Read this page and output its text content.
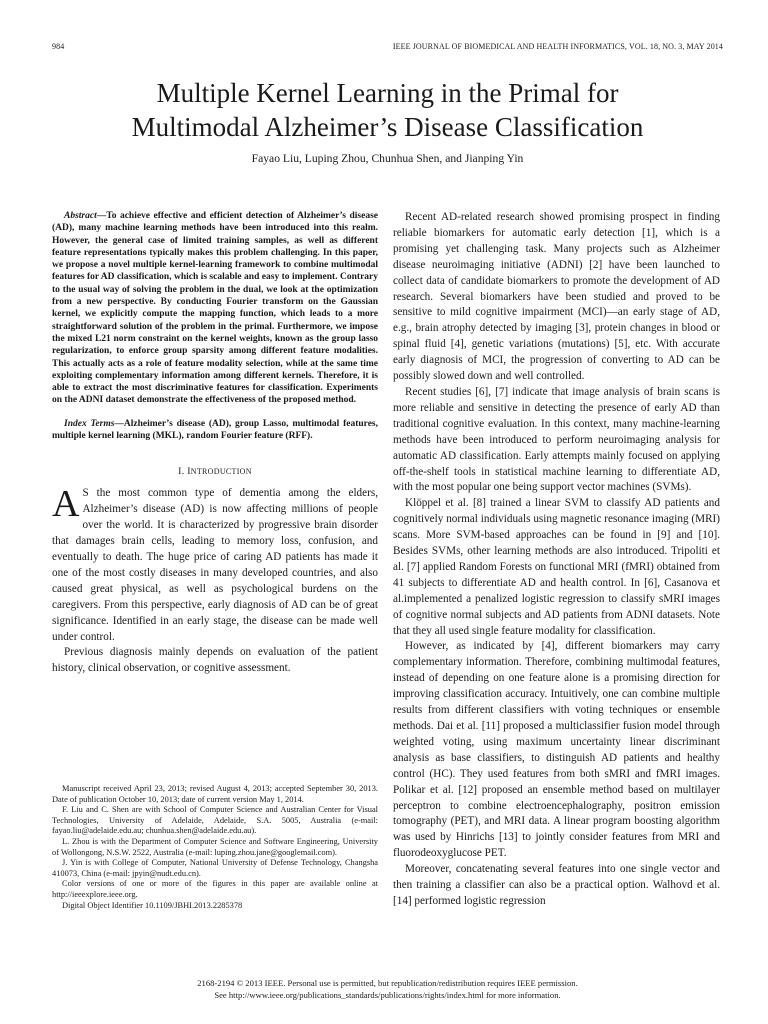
984	IEEE JOURNAL OF BIOMEDICAL AND HEALTH INFORMATICS, VOL. 18, NO. 3, MAY 2014
Multiple Kernel Learning in the Primal for
Multimodal Alzheimer’s Disease Classification
Fayao Liu, Luping Zhou, Chunhua Shen, and Jianping Yin

Abstract—To achieve effective and efficient detection of Alzheimer’s disease (AD), many machine learning methods have been introduced into this realm. However, the general case of limited training samples, as well as different feature representations typically makes this problem challenging. In this paper, we propose a novel multiple kernel-learning framework to combine multimodal features for AD classification, which is scalable and easy to implement. Contrary to the usual way of solving the problem in the dual, we look at the optimization from a new perspective. By conducting Fourier transform on the Gaussian kernel, we explicitly compute the mapping function, which leads to a more straightforward solution of the problem in the primal. Furthermore, we impose the mixed L21 norm constraint on the kernel weights, known as the group lasso regularization, to enforce group sparsity among different feature modalities. This actually acts as a role of feature modality selection, while at the same time exploiting complementary information among different kernels. Therefore, it is able to extract the most discriminative features for classification. Experiments on the ADNI dataset demonstrate the effectiveness of the proposed method.

Index Terms—Alzheimer’s disease (AD), group Lasso, multimodal features, multiple kernel learning (MKL), random Fourier feature (RFF).

I. INTRODUCTION

A S the most common type of dementia among the elders, Alzheimer’s disease (AD) is now affecting millions of people over the world. It is characterized by progressive brain disorder that damages brain cells, leading to memory loss, confusion, and eventually to death. The huge price of caring AD patients has made it one of the most costly diseases in many developed countries, and also caused great physical, as well as psychological burdens on the caregivers. From this perspective, early diagnosis of AD can be of great significance. Identified in an early stage, the disease can be made well under control.

Previous diagnosis mainly depends on evaluation of the patient history, clinical observation, or cognitive assessment.

Manuscript received April 23, 2013; revised August 4, 2013; accepted September 30, 2013. Date of publication October 10, 2013; date of current version May 1, 2014.

F. Liu and C. Shen are with School of Computer Science and Australian Center for Visual Technologies, University of Adelaide, Adelaide, S.A. 5005, Australia (e-mail: fayao.liu@adelaide.edu.au; chunhua.shen@adelaide.edu.au).

L. Zhou is with the Department of Computer Science and Software Engineering, University of Wollongong, N.S.W. 2522, Australia (e-mail: luping.zhou.jane@googlemail.com).

J. Yin is with College of Computer, National University of Defense Technology, Changsha 410073, China (e-mail: jpyin@nudt.edu.cn).

Color versions of one or more of the figures in this paper are available online at http://ieeexplore.ieee.org.

Digital Object Identifier 10.1109/JBHI.2013.2285378

Recent AD-related research showed promising prospect in finding reliable biomarkers for automatic early detection [1], which is a promising yet challenging task. Many projects such as Alzheimer disease neuroimaging initiative (ADNI) [2] have been launched to collect data of candidate biomarkers to promote the development of AD research. Several biomarkers have been studied and proved to be sensitive to mild cognitive impairment (MCI)—an early stage of AD, e.g., brain atrophy detected by imaging [3], protein changes in blood or spinal fluid [4], genetic variations (mutations) [5], etc. With accurate early diagnosis of MCI, the progression of converting to AD can be possibly slowed down and well controlled.

Recent studies [6], [7] indicate that image analysis of brain scans is more reliable and sensitive in detecting the presence of early AD than traditional cognitive evaluation. In this context, many machine-learning methods have been introduced to perform neuroimaging analysis for automatic AD classification. Early attempts mainly focused on applying off-the-shelf tools in statistical machine learning to differentiate AD, with the most popular one being support vector machines (SVMs).

Klöppel et al. [8] trained a linear SVM to classify AD patients and cognitively normal individuals using magnetic resonance imaging (MRI) scans. More SVM-based approaches can be found in [9] and [10]. Besides SVMs, other learning methods are also introduced. Tripoliti et al. [7] applied Random Forests on functional MRI (fMRI) obtained from 41 subjects to differentiate AD and health control. In [6], Casanova et al.implemented a penalized logistic regression to classify sMRI images of cognitive normal subjects and AD patients from ADNI datasets. Note that they all used single feature modality for classification.

However, as indicated by [4], different biomarkers may carry complementary information. Therefore, combining multimodal features, instead of depending on one feature alone is a promising direction for improving classification accuracy. Intuitively, one can combine multiple results from different classifiers with voting techniques or ensemble methods. Dai et al. [11] proposed a multiclassifier fusion model through weighted voting, using maximum uncertainty linear discriminant analysis as base classifiers, to distinguish AD patients and healthy control (HC). They used features from both sMRI and fMRI images. Polikar et al. [12] proposed an ensemble method based on multilayer perceptron to combine electroencephalography, positron emission tomography (PET), and MRI data. A linear program boosting algorithm was used by Hinrichs [13] to jointly consider features from MRI and fluorodeoxyglucose PET.

Moreover, concatenating several features into one single vector and then training a classifier can also be a practical option. Walhovd et al. [14] performed logistic regression

2168-2194 © 2013 IEEE. Personal use is permitted, but republication/redistribution requires IEEE permission.
See http://www.ieee.org/publications_standards/publications/rights/index.html for more information.
